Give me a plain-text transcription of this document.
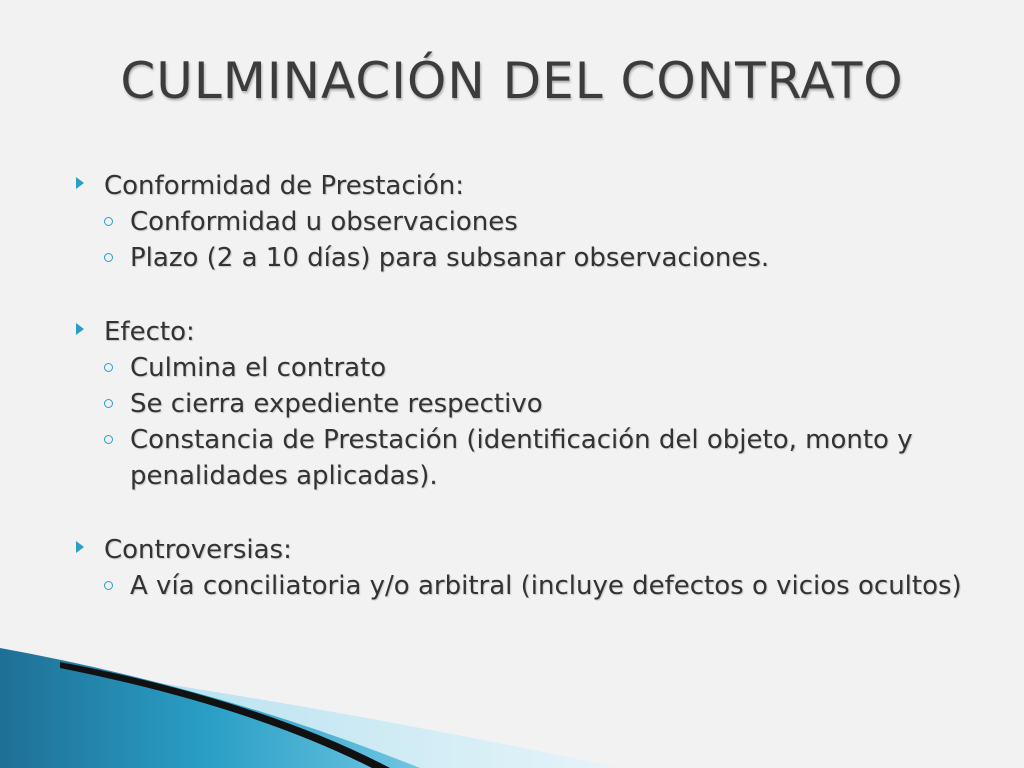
CULMINACIÓN DEL CONTRATO
Conformidad de Prestación :
Conformidad u observaciones
Plazo (2 a 10 días) para subsanar observaciones.
Efecto :
Culmina el contrato
Se cierra expediente respectivo
Constancia de Prestación (identificación del objeto, monto y penalidades aplicadas).
Controversias :
A vía conciliatoria y/o arbitral (incluye defectos o vicios ocultos)
